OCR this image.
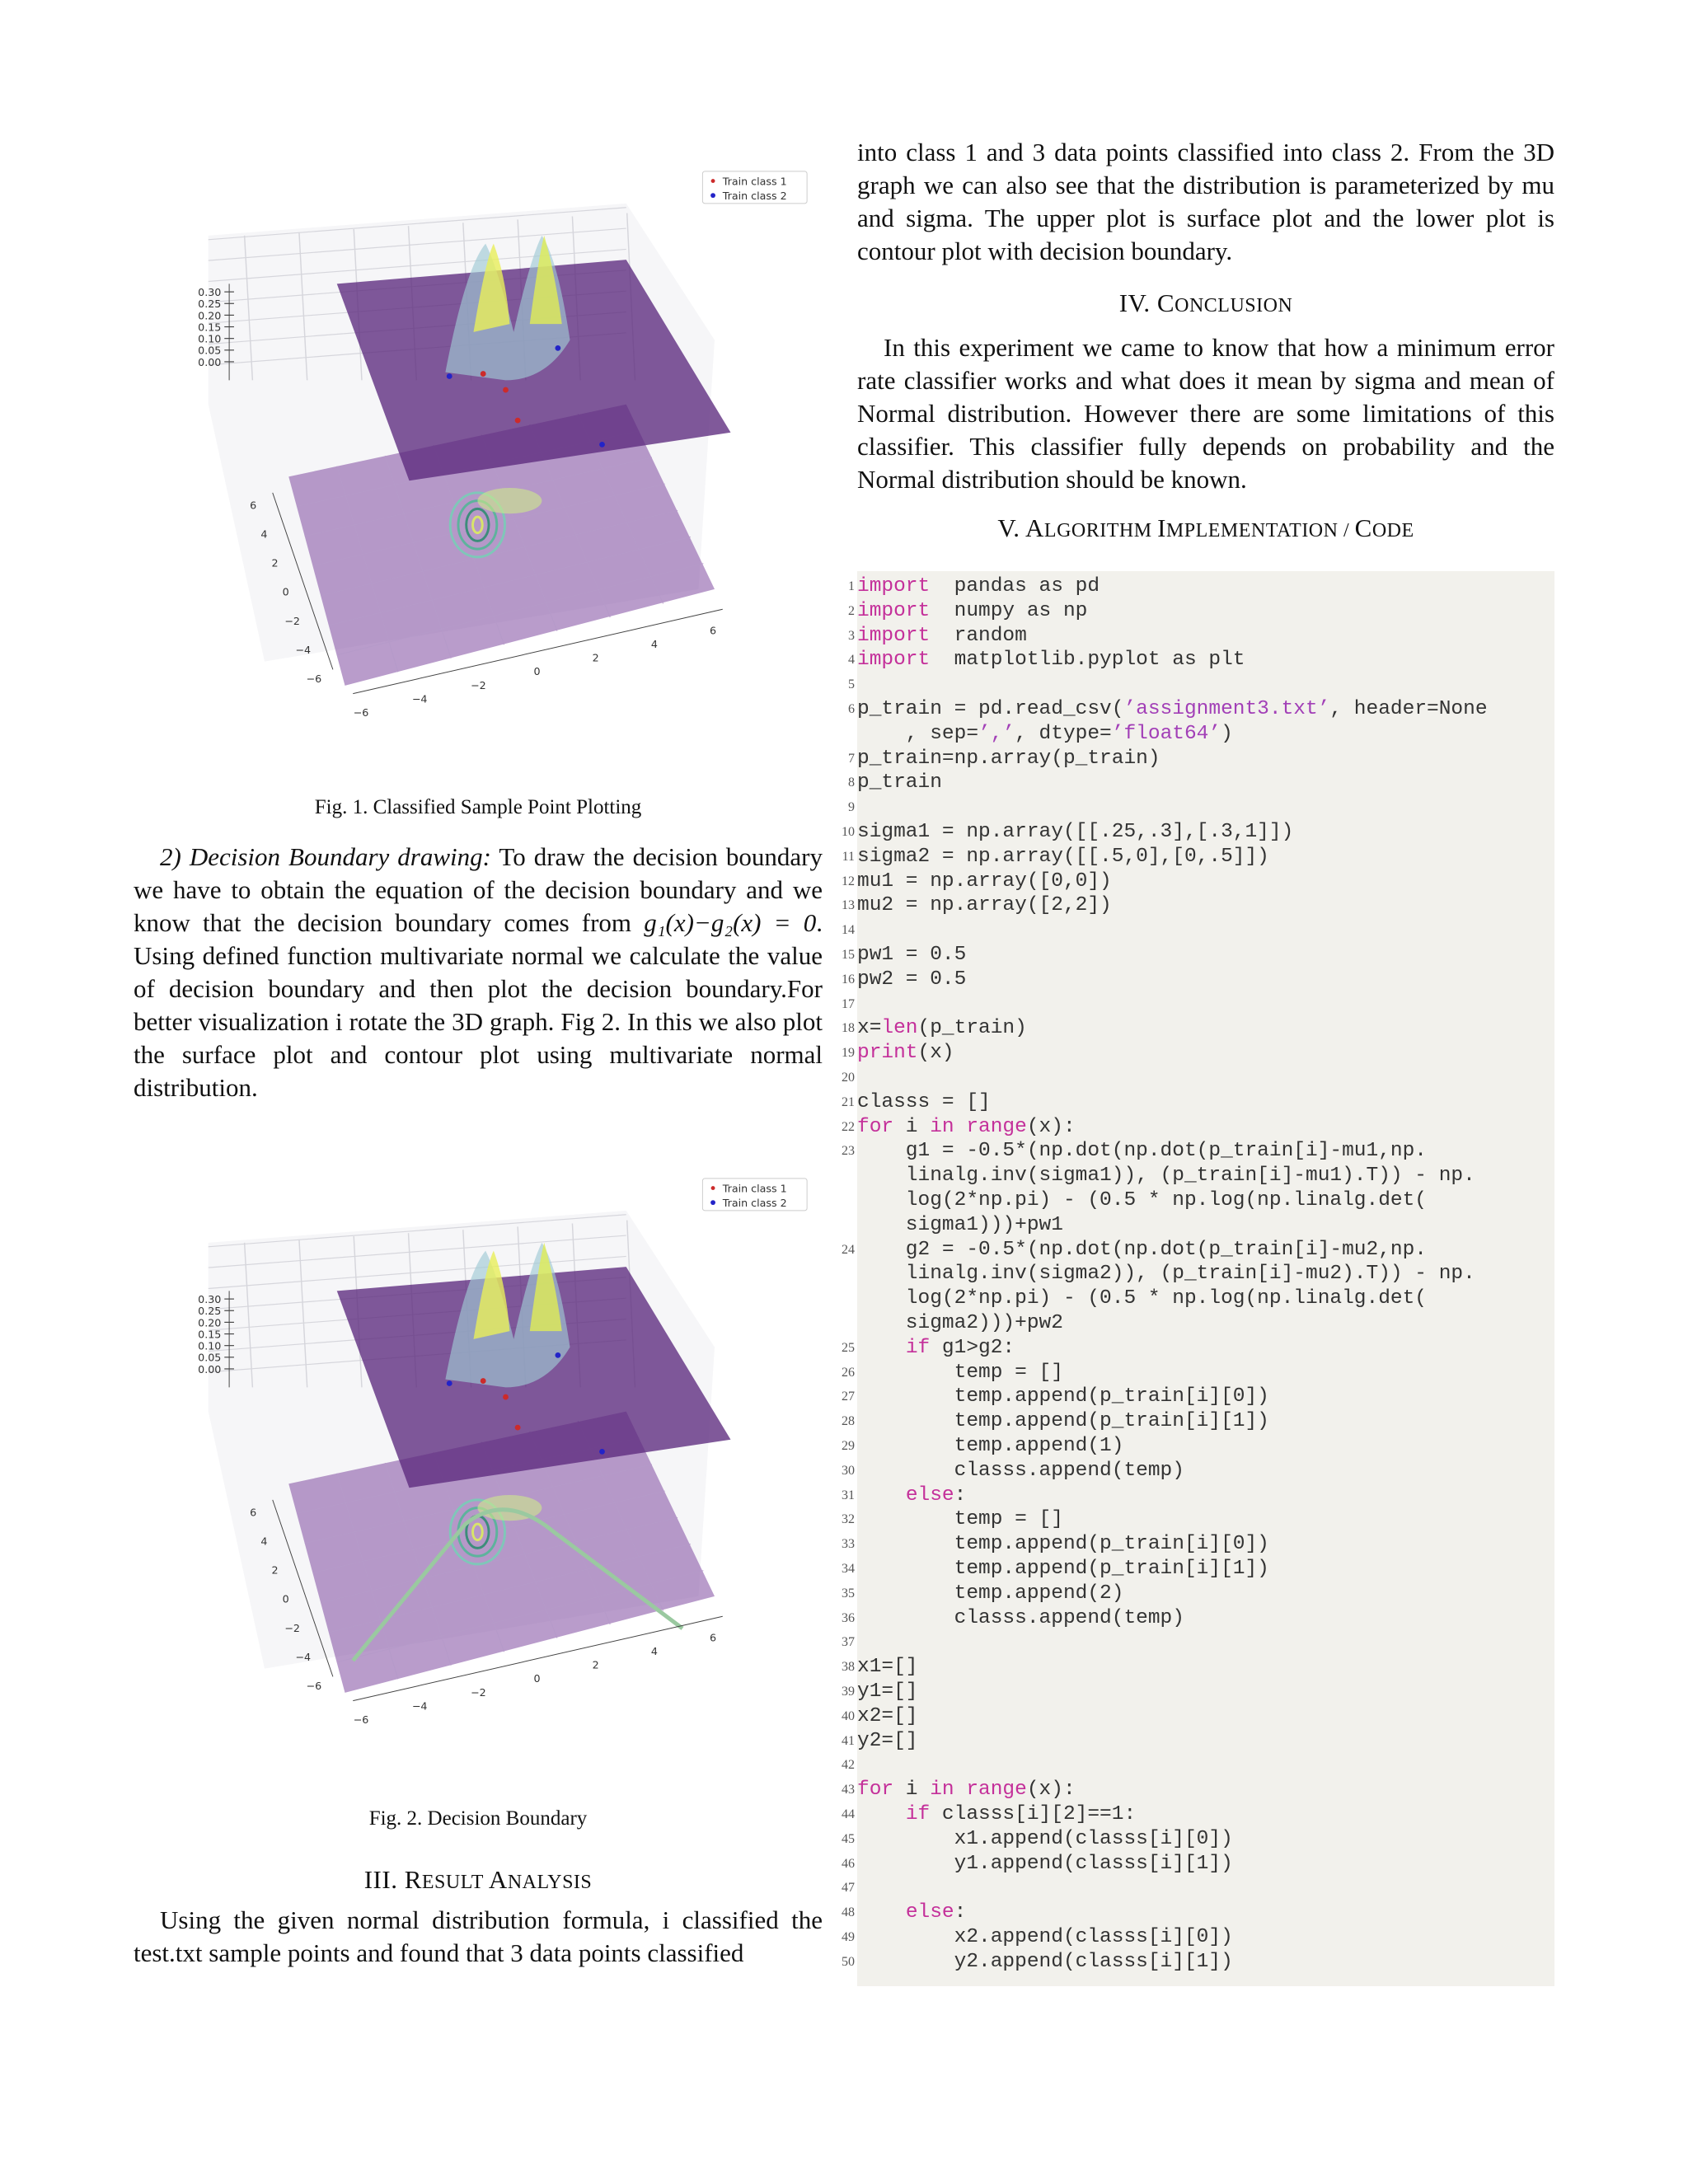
0.30
0.25
0.20
0.15
0.10
0.05
0.00
6
4
2
0
−2
−4
−6
−6
−4
−2
0
2
4
6
Train class 1
Train class 2

Fig. 1. Classified Sample Point Plotting

2) Decision Boundary drawing: To draw the decision boundary we have to obtain the equation of the decision boundary and we know that the decision boundary comes from g₁(x)−g₂(x) = 0. Using defined function multivariate normal we calculate the value of decision boundary and then plot the decision boundary.For better visualization i rotate the 3D graph. Fig 2. In this we also plot the surface plot and contour plot using multivariate normal distribution.

0.30
0.25
0.20
0.15
0.10
0.05
0.00
6
4
2
0
−2
−4
−6
−6
−4
−2
0
2
4
6
Train class 1
Train class 2

Fig. 2. Decision Boundary

III. RESULT ANALYSIS

Using the given normal distribution formula, i classified the test.txt sample points and found that 3 data points classified

into class 1 and 3 data points classified into class 2. From the 3D graph we can also see that the distribution is parameterized by mu and sigma. The upper plot is surface plot and the lower plot is contour plot with decision boundary.

IV. CONCLUSION

In this experiment we came to know that how a minimum error rate classifier works and what does it mean by sigma and mean of Normal distribution. However there are some limitations of this classifier. This classifier fully depends on probability and the Normal distribution should be known.

V. ALGORITHM IMPLEMENTATION / CODE

import  pandas as pd
import  numpy as np
import  random
import  matplotlib.pyplot as plt
p_train = pd.read_csv(’assignment3.txt’, header=None
, sep=’,’, dtype=’float64’)
p_train=np.array(p_train)
p_train
sigma1 = np.array([[.25,.3],[.3,1]])
sigma2 = np.array([[.5,0],[0,.5]])
mu1 = np.array([0,0])
mu2 = np.array([2,2])
pw1 = 0.5
pw2 = 0.5
x=len(p_train)
print(x)
classs = []
for i in range(x):
g1 = -0.5*(np.dot(np.dot(p_train[i]-mu1,np.
linalg.inv(sigma1)), (p_train[i]-mu1).T)) - np.
log(2*np.pi) - (0.5 * np.log(np.linalg.det(
sigma1)))+pw1
g2 = -0.5*(np.dot(np.dot(p_train[i]-mu2,np.
linalg.inv(sigma2)), (p_train[i]-mu2).T)) - np.
log(2*np.pi) - (0.5 * np.log(np.linalg.det(
sigma2)))+pw2
if g1>g2:
temp = []
temp.append(p_train[i][0])
temp.append(p_train[i][1])
temp.append(1)
classs.append(temp)
else:
temp = []
temp.append(p_train[i][0])
temp.append(p_train[i][1])
temp.append(2)
classs.append(temp)
x1=[]
y1=[]
x2=[]
y2=[]
for i in range(x):
if classs[i][2]==1:
x1.append(classs[i][0])
y1.append(classs[i][1])
else:
x2.append(classs[i][0])
y2.append(classs[i][1])
1
2
3
4
5
6
7
8
9
10
11
12
13
14
15
16
17
18
19
20
21
22
23
24
25
26
27
28
29
30
31
32
33
34
35
36
37
38
39
40
41
42
43
44
45
46
47
48
49
50
